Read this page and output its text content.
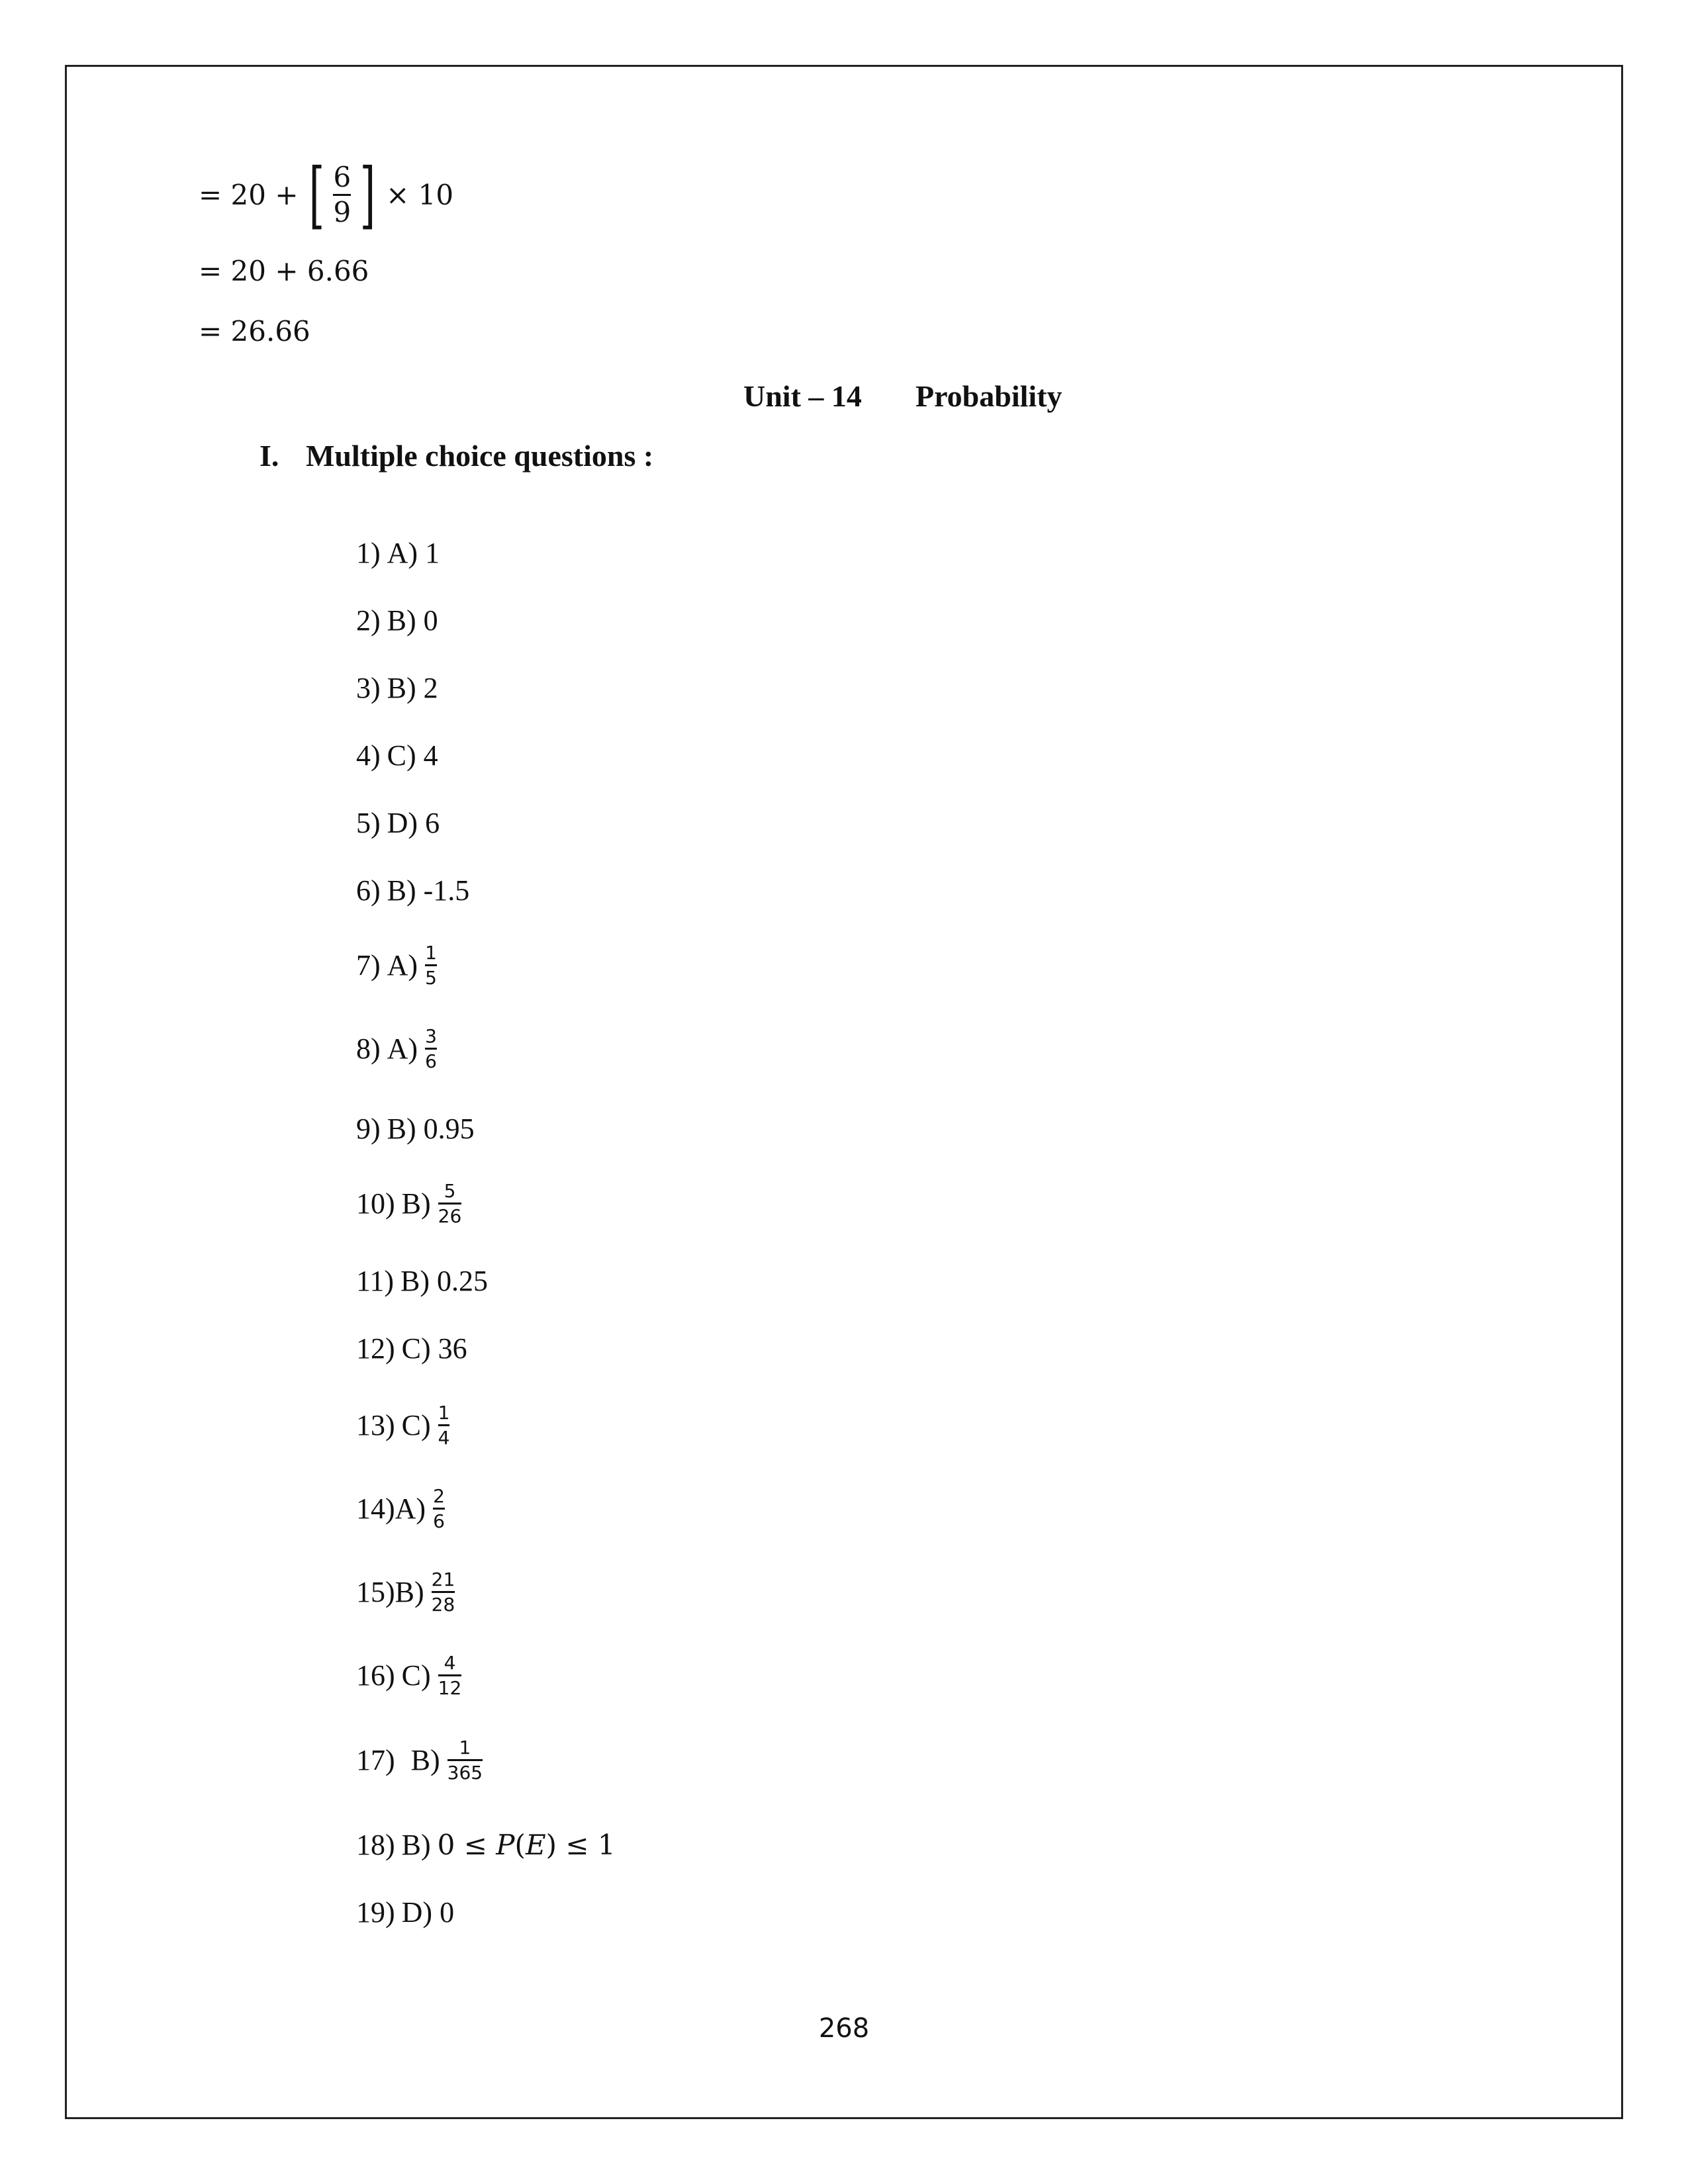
= 20 + [ $\frac{6}{9}$ ] × 10
= 20 + 6.66
= 26.66
Unit – 14 Probability
I. Multiple choice questions :
1) A) 1
2) B) 0
3) B) 2
4) C) 4
5) D) 6
6) B) -1.5
7) $A) \frac{1}{5}$
8) $A) \frac{3}{6}$
9) B) 0.95
10) $B) \frac{5}{26}$
11) B) 0.25
12) C) 36
13) $C) \frac{1}{4}$
$14)A) \frac{2}{6}$
$15)B) \frac{21}{28}$
16) $C) \frac{4}{12}$
17) $B) \frac{1}{365}$
18) B) 0 ≤ P(E) ≤ 1
19) D) 0
268
